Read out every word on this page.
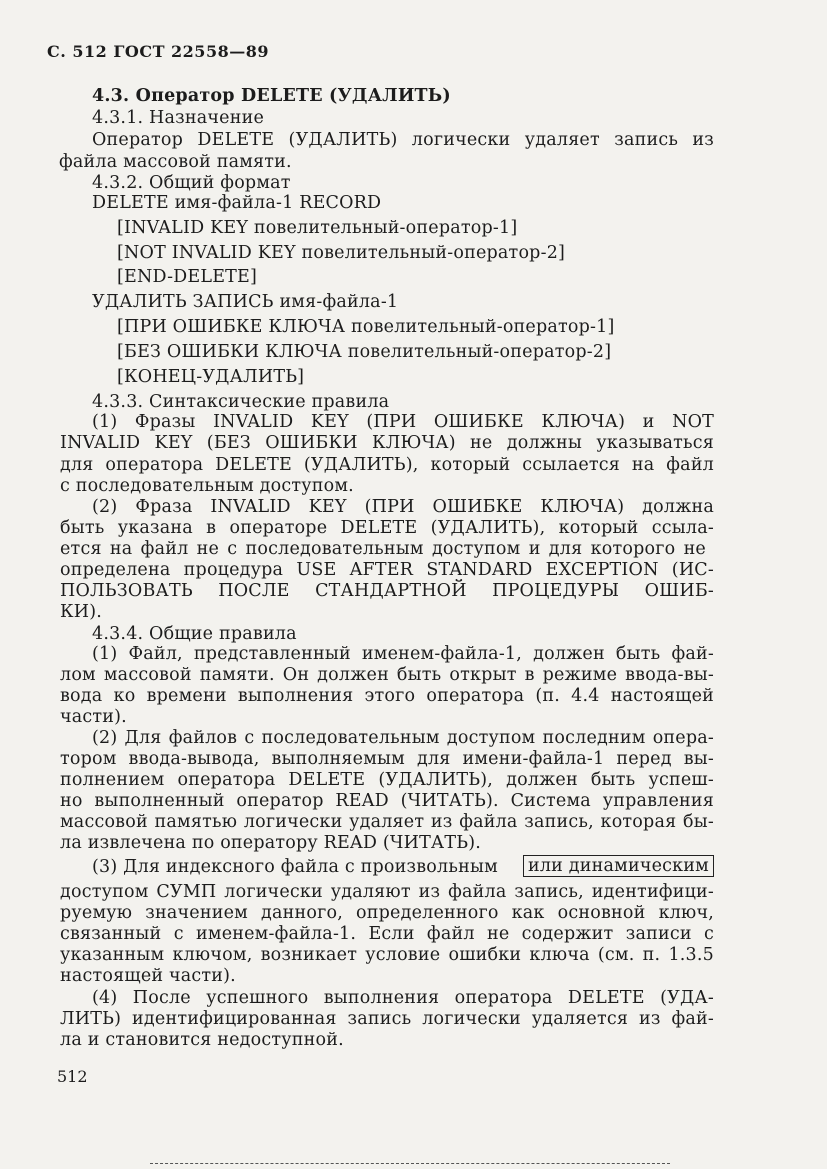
С. 512 ГОСТ 22558—89
4.3. Оператор DELETE (УДАЛИТЬ)
4.3.1. Назначение
Оператор DELETE (УДАЛИТЬ) логически удаляет запись из
файла массовой памяти.
4.3.2. Общий формат
DELETE имя-файла-1 RECORD
[INVALID KEY повелительный-оператор-1]
[NOT INVALID KEY повелительный-оператор-2]
[END-DELETE]
УДАЛИТЬ ЗАПИСЬ имя-файла-1
[ПРИ ОШИБКЕ КЛЮЧА повелительный-оператор-1]
[БЕЗ ОШИБКИ КЛЮЧА повелительный-оператор-2]
[КОНЕЦ-УДАЛИТЬ]
4.3.3. Синтаксические правила
(1) Фразы INVALID KEY (ПРИ ОШИБКЕ КЛЮЧА) и NOT
INVALID KEY (БЕЗ ОШИБКИ КЛЮЧА) не должны указываться
для оператора DELETE (УДАЛИТЬ), который ссылается на файл
с последовательным доступом.
(2) Фраза INVALID KEY (ПРИ ОШИБКЕ КЛЮЧА) должна
быть указана в операторе DELETE (УДАЛИТЬ), который ссыла-
ется на файл не с последовательным доступом и для которого не
определена процедура USE AFTER STANDARD EXCEPTION (ИС-
ПОЛЬЗОВАТЬ ПОСЛЕ СТАНДАРТНОЙ ПРОЦЕДУРЫ ОШИБ-
КИ).
4.3.4. Общие правила
(1) Файл, представленный именем-файла-1, должен быть фай-
лом массовой памяти. Он должен быть открыт в режиме ввода-вы-
вода ко времени выполнения этого оператора (п. 4.4 настоящей
части).
(2) Для файлов с последовательным доступом последним опера-
тором ввода-вывода, выполняемым для имени-файла-1 перед вы-
полнением оператора DELETE (УДАЛИТЬ), должен быть успеш-
но выполненный оператор READ (ЧИТАТЬ). Система управления
массовой памятью логически удаляет из файла запись, которая бы-
ла извлечена по оператору READ (ЧИТАТЬ).
(3) Для индексного файла с произвольным или динамическим
доступом СУМП логически удаляют из файла запись, идентифици-
руемую значением данного, определенного как основной ключ,
связанный с именем-файла-1. Если файл не содержит записи с
указанным ключом, возникает условие ошибки ключа (см. п. 1.3.5
настоящей части).
(4) После успешного выполнения оператора DELETE (УДА-
ЛИТЬ) идентифицированная запись логически удаляется из фай-
ла и становится недоступной.
512
